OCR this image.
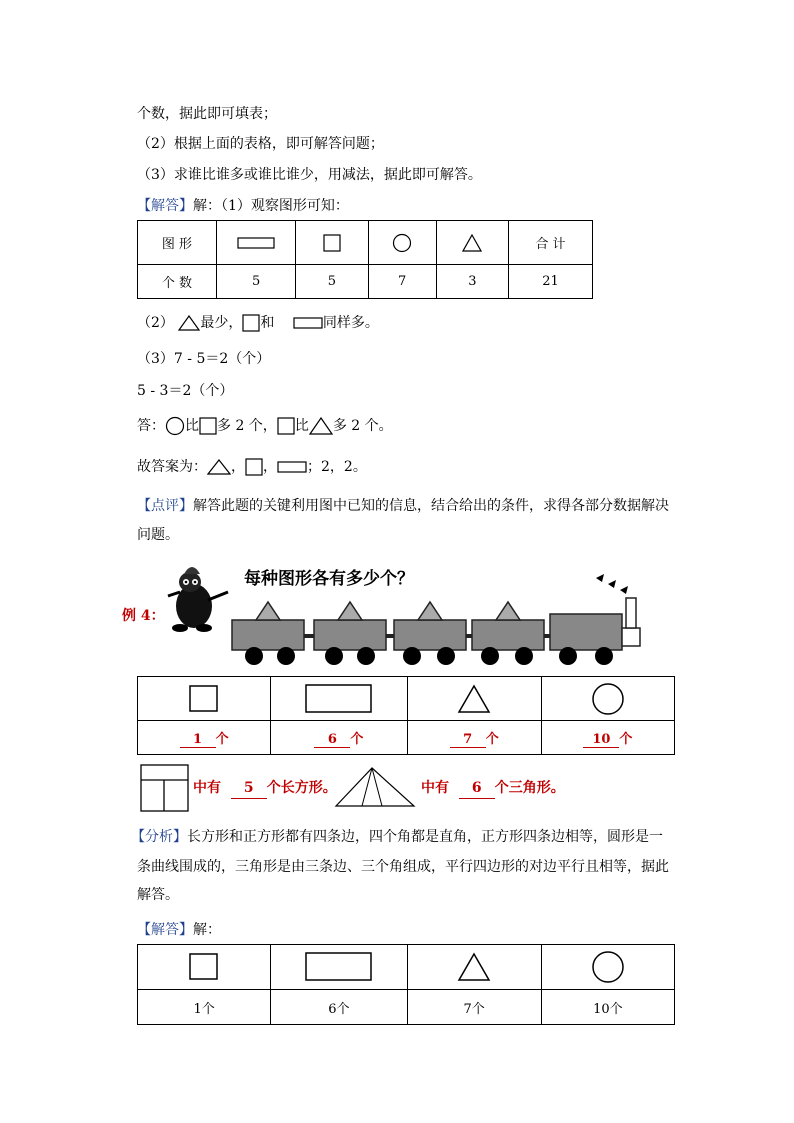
个数，据此即可填表；
（2）根据上面的表格，即可解答问题；
（3）求谁比谁多或谁比谁少，用减法，据此即可解答。
【解答】解：（1）观察图形可知：
图 形					合 计
个 数	5	5	7	3	21
（2） 最少， 和	同样多。
（3）7 - 5＝2（个）
5 - 3＝2（个）
答： 比 多 2 个， 比 多 2 个。
故答案为： ， ， ；2，2。
【点评】解答此题的关键利用图中已知的信息，结合给出的条件，求得各部分数据解决
问题。
例 4：
每种图形各有多少个？

1 个	6 个	7 个	10 个
中有 5 个长方形。	中有 6 个三角形。
【分析】长方形和正方形都有四条边，四个角都是直角，正方形四条边相等，圆形是一
条曲线围成的，三角形是由三条边、三个角组成，平行四边形的对边平行且相等，据此
解答。
【解答】解：

1个	6个	7个	10个
